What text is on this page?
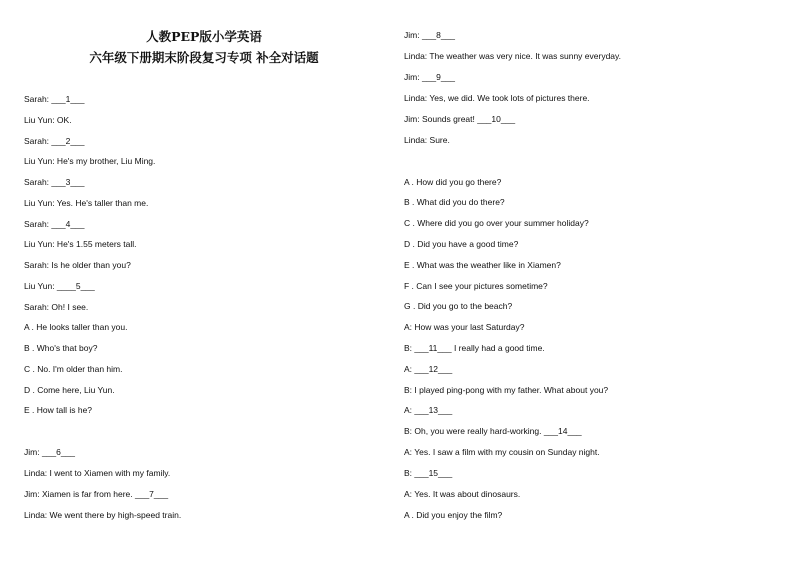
人教PEP版小学英语
六年级下册期末阶段复习专项 补全对话题
Sarah: ___1___
Liu Yun: OK.
Sarah: ___2___
Liu Yun: He's my brother, Liu Ming.
Sarah: ___3___
Liu Yun: Yes. He's taller than me.
Sarah: ___4___
Liu Yun: He's 1.55 meters tall.
Sarah: Is he older than you?
Liu Yun: ____5___
Sarah: Oh! I see.
A . He looks taller than you.
B . Who's that boy?
C . No. I'm older than him.
D . Come here, Liu Yun.
E . How tall is he?
Jim: ___6___
Linda: I went to Xiamen with my family.
Jim: Xiamen is far from here. ___7___
Linda: We went there by high-speed train.
Jim: ___8___
Linda: The weather was very nice. It was sunny everyday.
Jim: ___9___
Linda: Yes, we did. We took lots of pictures there.
Jim: Sounds great! ___10___
Linda: Sure.
A . How did you go there?
B . What did you do there?
C . Where did you go over your summer holiday?
D . Did you have a good time?
E . What was the weather like in Xiamen?
F . Can I see your pictures sometime?
G . Did you go to the beach?
A: How was your last Saturday?
B: ___11___ I really had a good time.
A: ___12___
B: I played ping-pong with my father. What about you?
A: ___13___
B: Oh, you were really hard-working. ___14___
A: Yes. I saw a film with my cousin on Sunday night.
B: ___15___
A: Yes. It was about dinosaurs.
A . Did you enjoy the film?
